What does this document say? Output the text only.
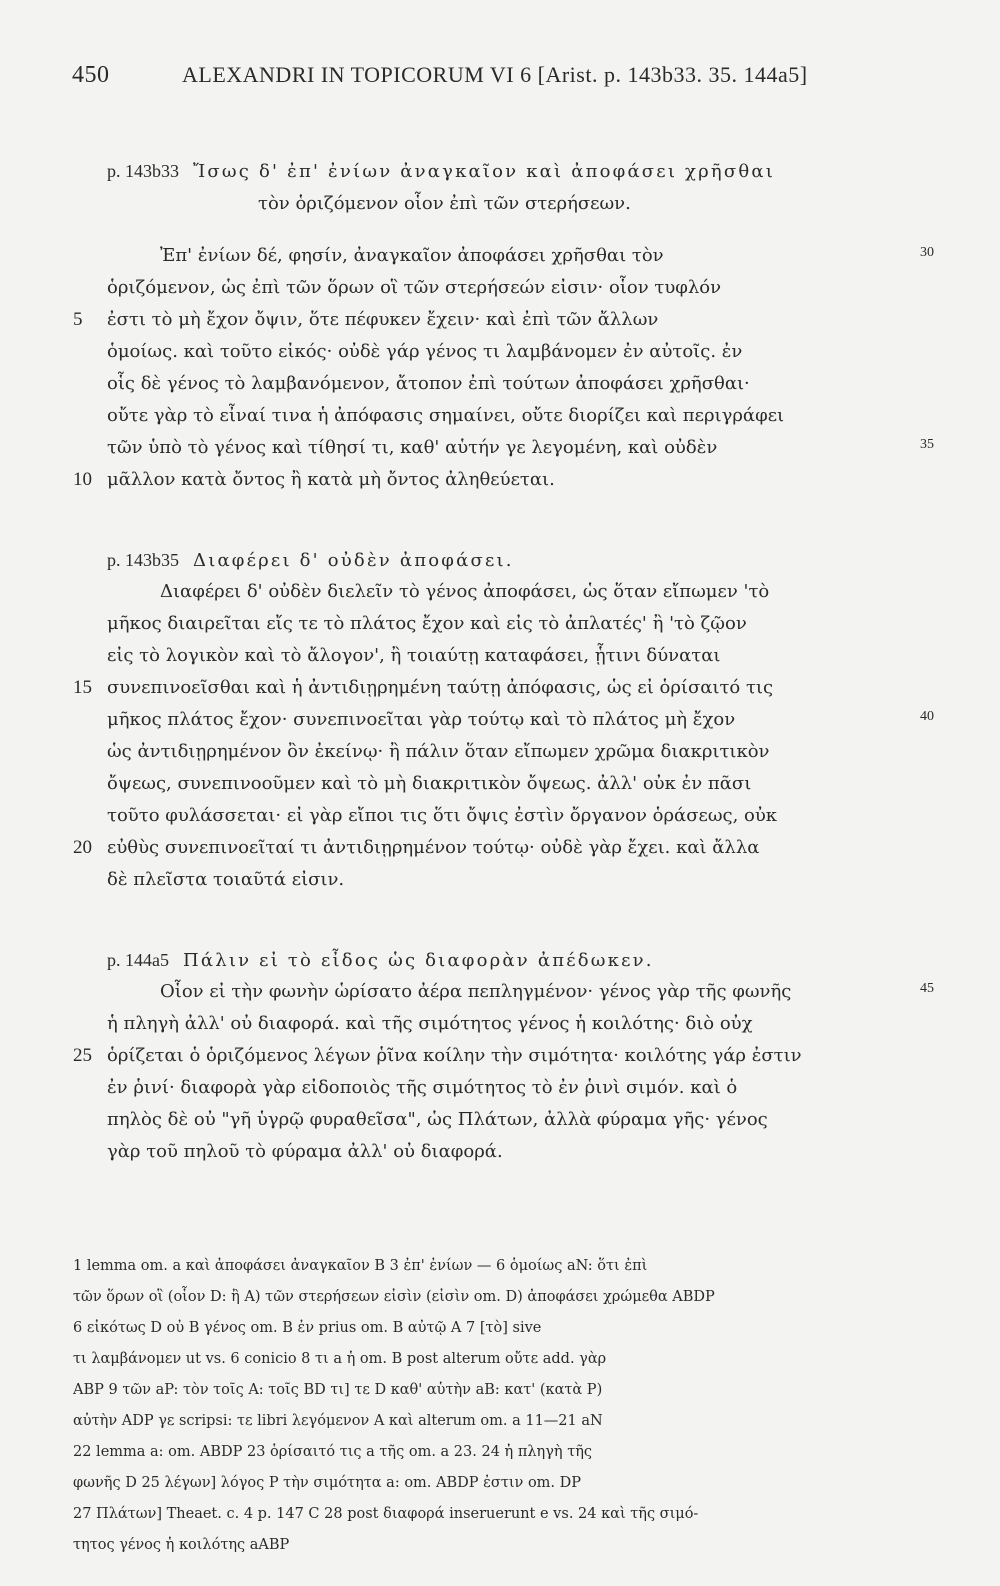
450	ALEXANDRI IN TOPICORUM VI 6 [Arist. p. 143b33. 35. 144a5]
p. 143b33 Ἴσως δ' ἐπ' ἐνίων ἀναγκαῖον καὶ ἀποφάσει χρῆσθαι
τὸν ὁριζόμενον οἷον ἐπὶ τῶν στερήσεων.
Ἐπ' ἐνίων δέ, φησίν, ἀναγκαῖον ἀποφάσει χρῆσθαι τὸν	30
ὁριζόμενον, ὡς ἐπὶ τῶν ὅρων οἳ τῶν στερήσεών εἰσιν· οἷον τυφλόν
ἐστι τὸ μὴ ἔχον ὄψιν, ὅτε πέφυκεν ἔχειν· καὶ ἐπὶ τῶν ἄλλων
5
ὁμοίως. καὶ τοῦτο εἰκός· οὐδὲ γάρ γένος τι λαμβάνομεν ἐν αὐτοῖς. ἐν
οἷς δὲ γένος τὸ λαμβανόμενον, ἄτοπον ἐπὶ τούτων ἀποφάσει χρῆσθαι·
οὔτε γὰρ τὸ εἶναί τινα ἡ ἀπόφασις σημαίνει, οὔτε διορίζει καὶ περιγράφει
τῶν ὑπὸ τὸ γένος καὶ τίθησί τι, καθ' αὑτήν γε λεγομένη, καὶ οὐδὲν	35
μᾶλλον κατὰ ὄντος ἢ κατὰ μὴ ὄντος ἀληθεύεται.
10
p. 143b35 Διαφέρει δ' οὐδὲν ἀποφάσει.
Διαφέρει δ' οὐδὲν διελεῖν τὸ γένος ἀποφάσει, ὡς ὅταν εἴπωμεν 'τὸ
μῆκος διαιρεῖται εἴς τε τὸ πλάτος ἔχον καὶ εἰς τὸ ἀπλατές' ἢ 'τὸ ζῷον
εἰς τὸ λογικὸν καὶ τὸ ἄλογον', ἢ τοιαύτῃ καταφάσει, ᾗτινι δύναται
συνεπινοεῖσθαι καὶ ἡ ἀντιδιῃρημένη ταύτῃ ἀπόφασις, ὡς εἰ ὁρίσαιτό τις
15
μῆκος πλάτος ἔχον· συνεπινοεῖται γὰρ τούτῳ καὶ τὸ πλάτος μὴ ἔχον	40
ὡς ἀντιδιῃρημένον ὂν ἐκείνῳ· ἢ πάλιν ὅταν εἴπωμεν χρῶμα διακριτικὸν
ὄψεως, συνεπινοοῦμεν καὶ τὸ μὴ διακριτικὸν ὄψεως. ἀλλ' οὐκ ἐν πᾶσι
τοῦτο φυλάσσεται· εἰ γὰρ εἴποι τις ὅτι ὄψις ἐστὶν ὄργανον ὁράσεως, οὐκ
εὐθὺς συνεπινοεῖταί τι ἀντιδιῃρημένον τούτῳ· οὐδὲ γὰρ ἔχει. καὶ ἄλλα
20
δὲ πλεῖστα τοιαῦτά εἰσιν.
p. 144a5 Πάλιν εἰ τὸ εἶδος ὡς διαφορὰν ἀπέδωκεν.
Οἷον εἰ τὴν φωνὴν ὡρίσατο ἀέρα πεπληγμένον· γένος γὰρ τῆς φωνῆς	45
ἡ πληγὴ ἀλλ' οὐ διαφορά. καὶ τῆς σιμότητος γένος ἡ κοιλότης· διὸ οὐχ
ὁρίζεται ὁ ὁριζόμενος λέγων ῥῖνα κοίλην τὴν σιμότητα· κοιλότης γάρ ἐστιν
25
ἐν ῥινί· διαφορὰ γὰρ εἰδοποιὸς τῆς σιμότητος τὸ ἐν ῥινὶ σιμόν. καὶ ὁ
πηλὸς δὲ οὐ "γῆ ὑγρῷ φυραθεῖσα", ὡς Πλάτων, ἀλλὰ φύραμα γῆς· γένος
γὰρ τοῦ πηλοῦ τὸ φύραμα ἀλλ' οὐ διαφορά.
1 lemma om. a καὶ ἀποφάσει ἀναγκαῖον B 3 ἐπ' ἐνίων — 6 ὁμοίως aN: ὅτι ἐπὶ
τῶν ὅρων οἳ (οἷον D: ἢ A) τῶν στερήσεων εἰσὶν (εἰσὶν om. D) ἀποφάσει χρώμεθα ABDP
6 εἰκότως D οὐ B γένος om. B ἐν prius om. B αὐτῷ A 7 [τὸ] sive
τι λαμβάνομεν ut vs. 6 conicio 8 τι a ἡ om. B post alterum οὔτε add. γὰρ
ABP 9 τῶν aP: τὸν τοῖς A: τοῖς BD τι] τε D καθ' αὑτὴν aB: κατ' (κατὰ P)
αὐτὴν ADP γε scripsi: τε libri λεγόμενον A καὶ alterum om. a 11—21 aN
22 lemma a: om. ABDP 23 ὁρίσαιτό τις a τῆς om. a 23. 24 ἡ πληγὴ τῆς
φωνῆς D 25 λέγων] λόγος P τὴν σιμότητα a: om. ABDP ἐστιν om. DP
27 Πλάτων] Theaet. c. 4 p. 147 C 28 post διαφορά inseruerunt e vs. 24 καὶ τῆς σιμό-
τητος γένος ἡ κοιλότης aABP
